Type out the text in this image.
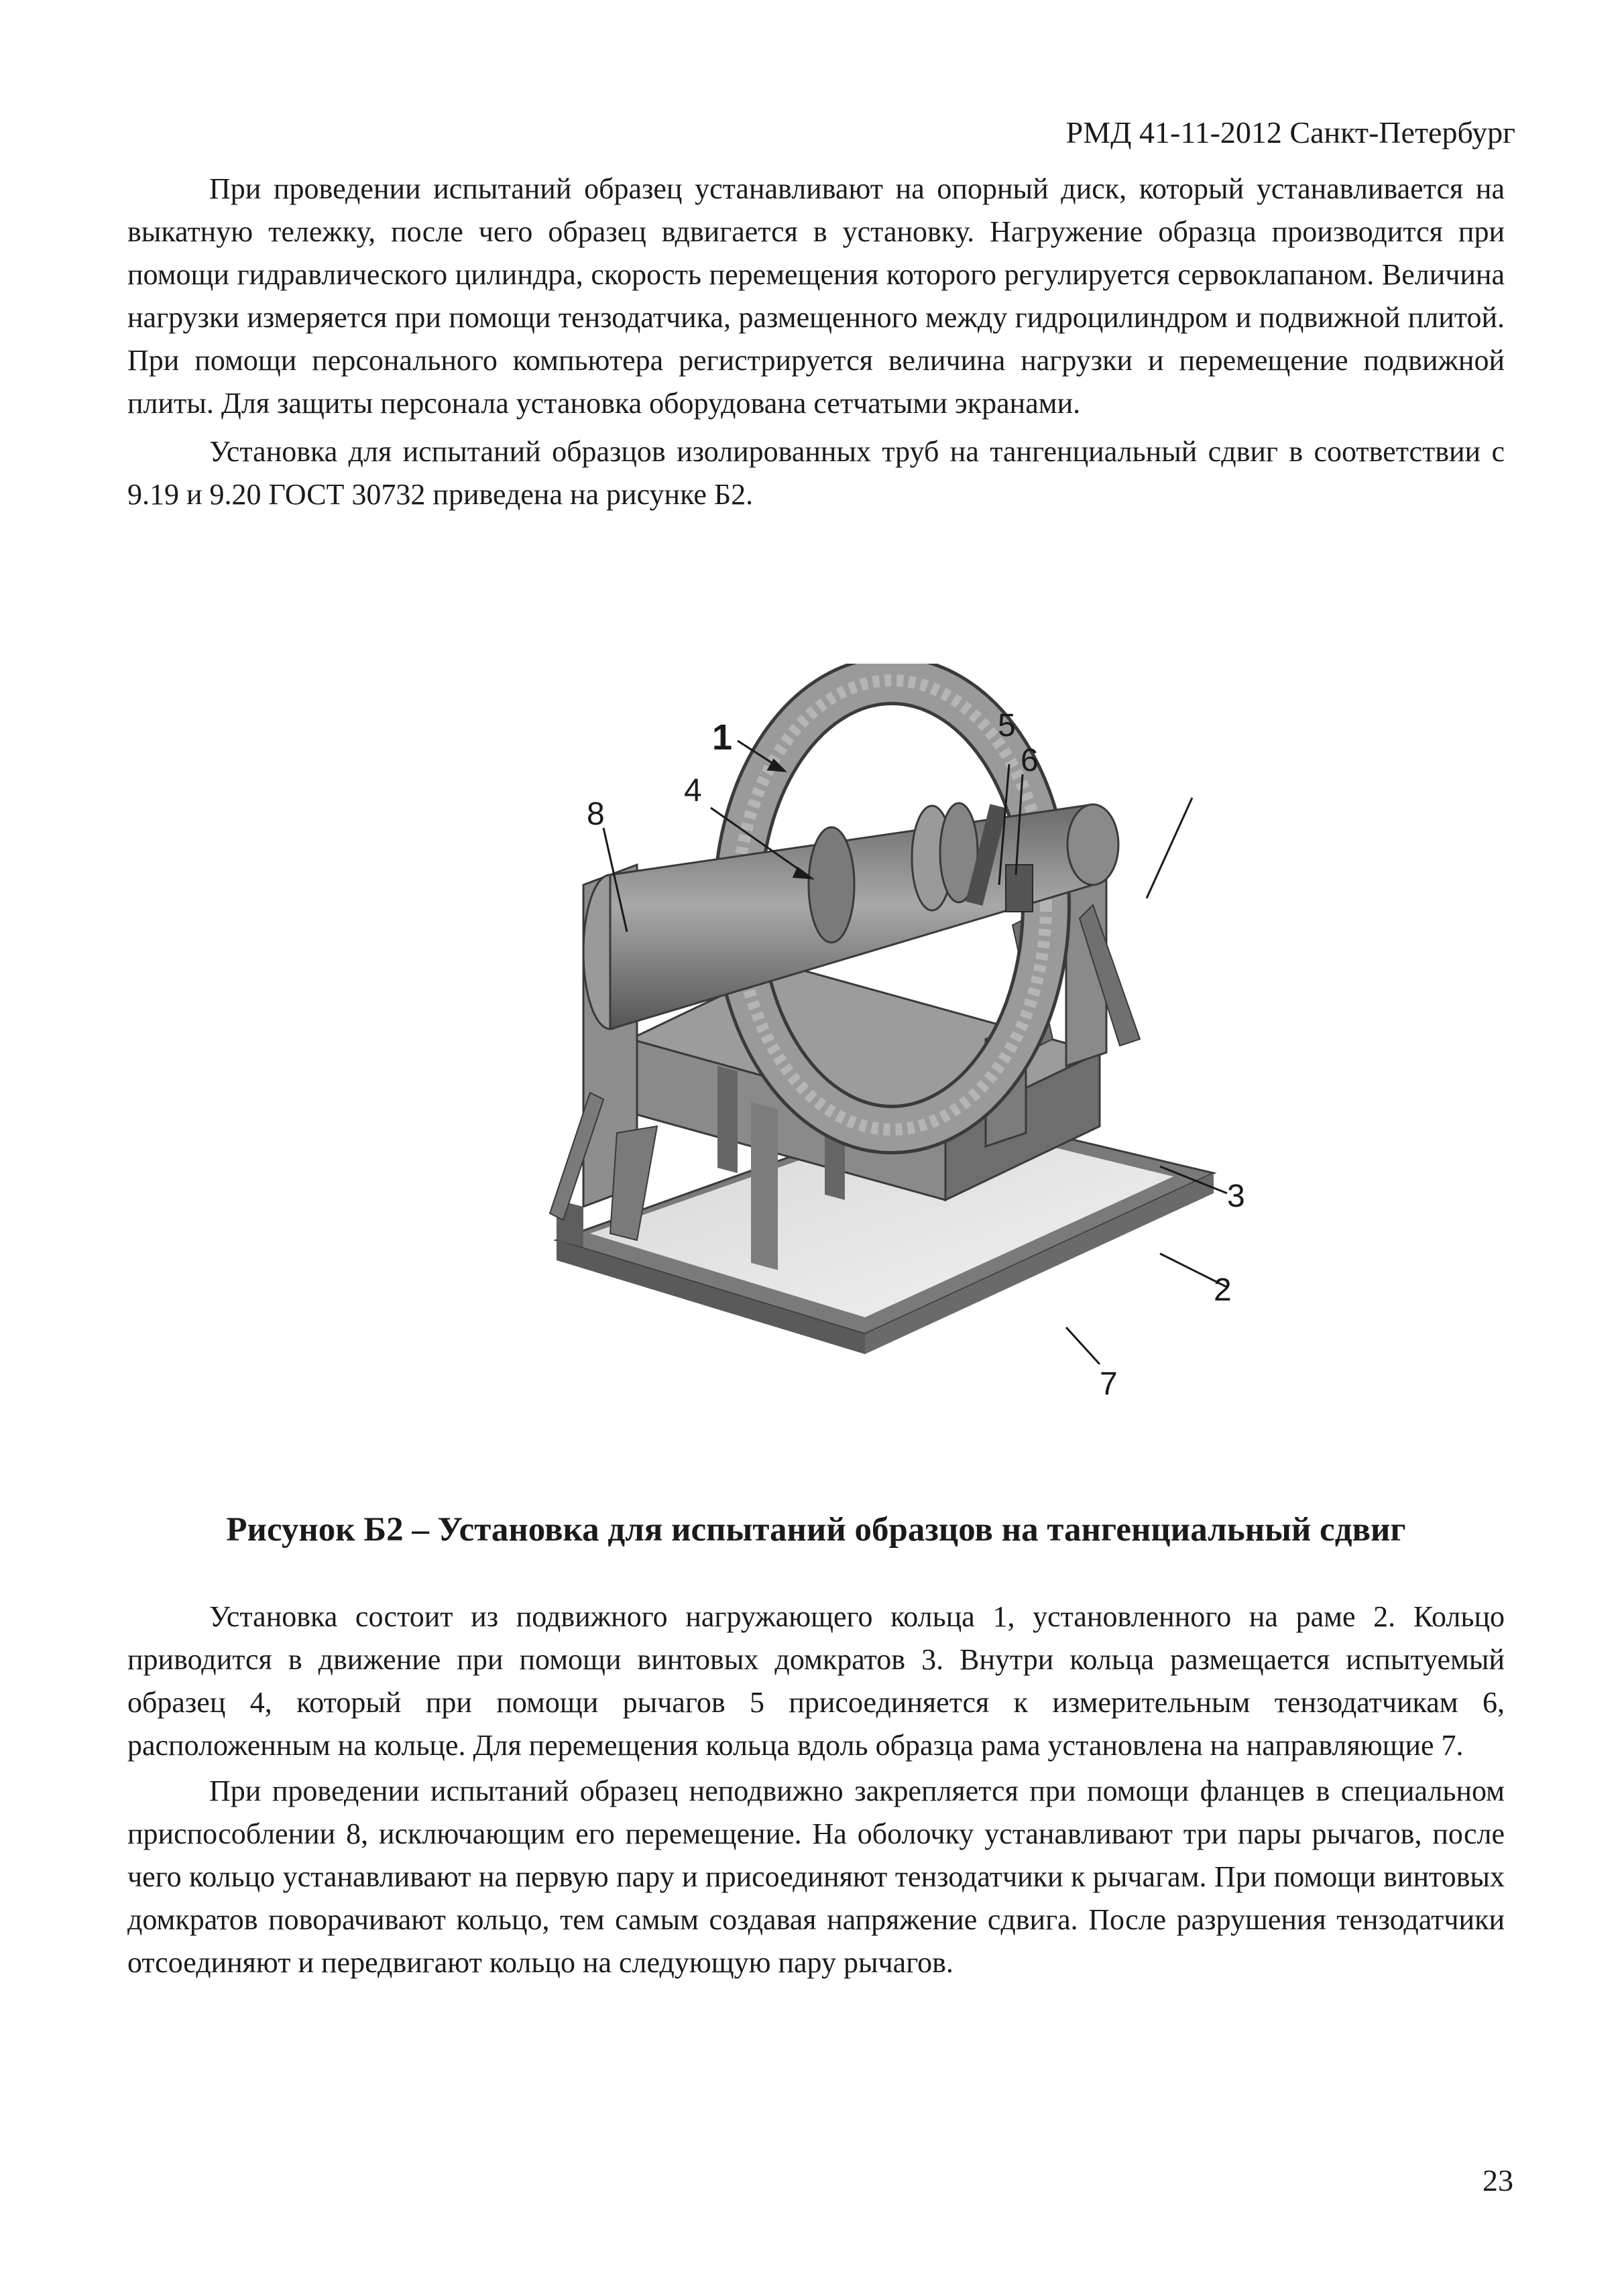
РМД 41-11-2012 Санкт-Петербург

При проведении испытаний образец устанавливают на опорный диск, который устанавливается на выкатную тележку, после чего образец вдвигается в установку. Нагружение образца производится при помощи гидравлического цилиндра, скорость перемещения которого регулируется сервоклапаном. Величина нагрузки измеряется при помощи тензодатчика, размещенного между гидроцилиндром и подвижной плитой. При помощи персонального компьютера регистрируется величина нагрузки и перемещение подвижной плиты. Для защиты персонала установка оборудована сетчатыми экранами.

Установка для испытаний образцов изолированных труб на тангенциальный сдвиг в соответствии с 9.19 и 9.20 ГОСТ 30732 приведена на рисунке Б2.

1
4
8
5
6
3
2
7
Рисунок Б2 – Установка для испытаний образцов на тангенциальный сдвиг

Установка состоит из подвижного нагружающего кольца 1, установленного на раме 2. Кольцо приводится в движение при помощи винтовых домкратов 3. Внутри кольца размещается испытуемый образец 4, который при помощи рычагов 5 присоединяется к измерительным тензодатчикам 6, расположенным на кольце. Для перемещения кольца вдоль образца рама установлена на направляющие 7.

При проведении испытаний образец неподвижно закрепляется при помощи фланцев в специальном приспособлении 8, исключающим его перемещение. На оболочку устанавливают три пары рычагов, после чего кольцо устанавливают на первую пару и присоединяют тензодатчики к рычагам. При помощи винтовых домкратов поворачивают кольцо, тем самым создавая напряжение сдвига. После разрушения тензодатчики отсоединяют и передвигают кольцо на следующую пару рычагов.

23
